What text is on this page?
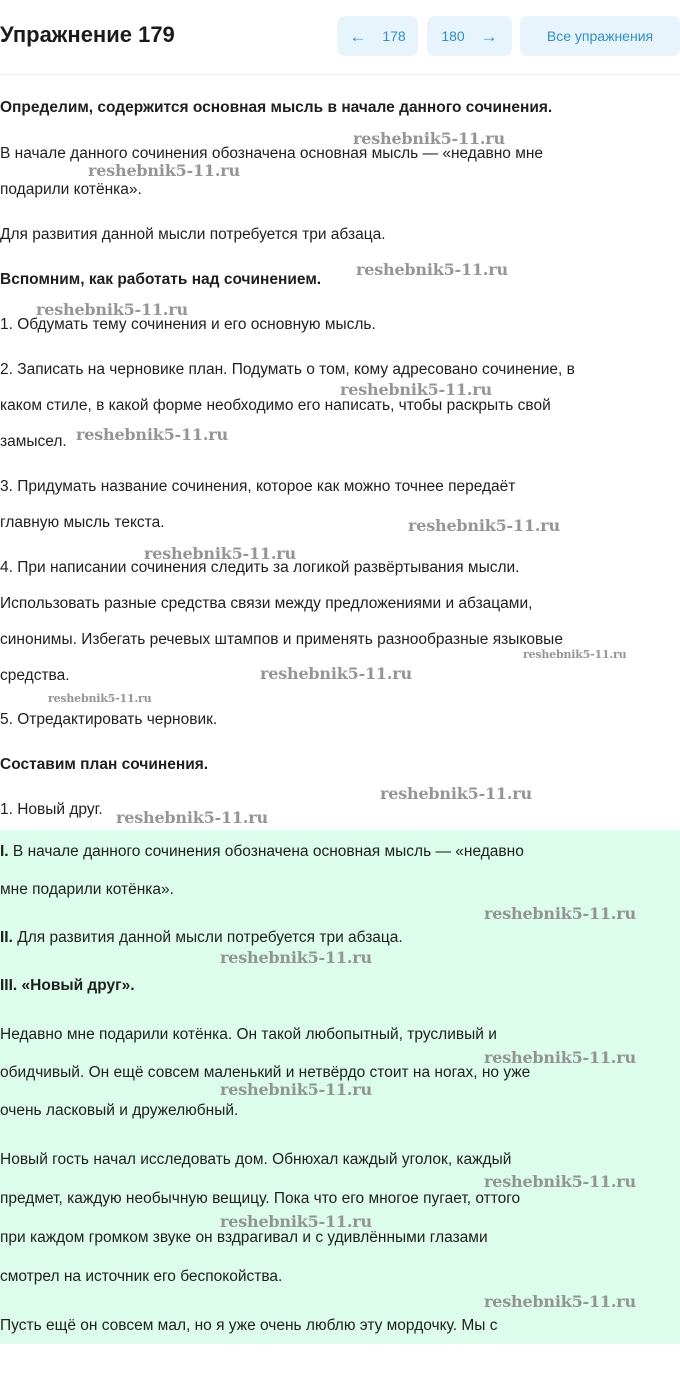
Упражнение 179	← 178	180 →	Все упражнения
Определим, содержится основная мысль в начале данного сочинения.
В начале данного сочинения обозначена основная мысль — «недавно мне
подарили котёнка».
Для развития данной мысли потребуется три абзаца.
Вспомним, как работать над сочинением.
1. Обдумать тему сочинения и его основную мысль.
2. Записать на черновике план. Подумать о том, кому адресовано сочинение, в
каком стиле, в какой форме необходимо его написать, чтобы раскрыть свой
замысел.
3. Придумать название сочинения, которое как можно точнее передаёт
главную мысль текста.
4. При написании сочинения следить за логикой развёртывания мысли.
Использовать разные средства связи между предложениями и абзацами,
синонимы. Избегать речевых штампов и применять разнообразные языковые
средства.
5. Отредактировать черновик.
Составим план сочинения.
1. Новый друг.
I. В начале данного сочинения обозначена основная мысль — «недавно
мне подарили котёнка».
II. Для развития данной мысли потребуется три абзаца.
III. «Новый друг».
Недавно мне подарили котёнка. Он такой любопытный, трусливый и
обидчивый. Он ещё совсем маленький и нетвёрдо стоит на ногах, но уже
очень ласковый и дружелюбный.
Новый гость начал исследовать дом. Обнюхал каждый уголок, каждый
предмет, каждую необычную вещицу. Пока что его многое пугает, оттого
при каждом громком звуке он вздрагивал и с удивлёнными глазами
смотрел на источник его беспокойства.
Пусть ещё он совсем мал, но я уже очень люблю эту мордочку. Мы с
reshebnik5-11.ru
reshebnik5-11.ru
reshebnik5-11.ru
reshebnik5-11.ru
reshebnik5-11.ru
reshebnik5-11.ru
reshebnik5-11.ru
reshebnik5-11.ru
reshebnik5-11.ru
reshebnik5-11.ru
reshebnik5-11.ru
reshebnik5-11.ru
reshebnik5-11.ru
reshebnik5-11.ru
reshebnik5-11.ru
reshebnik5-11.ru
reshebnik5-11.ru
reshebnik5-11.ru
reshebnik5-11.ru
reshebnik5-11.ru
